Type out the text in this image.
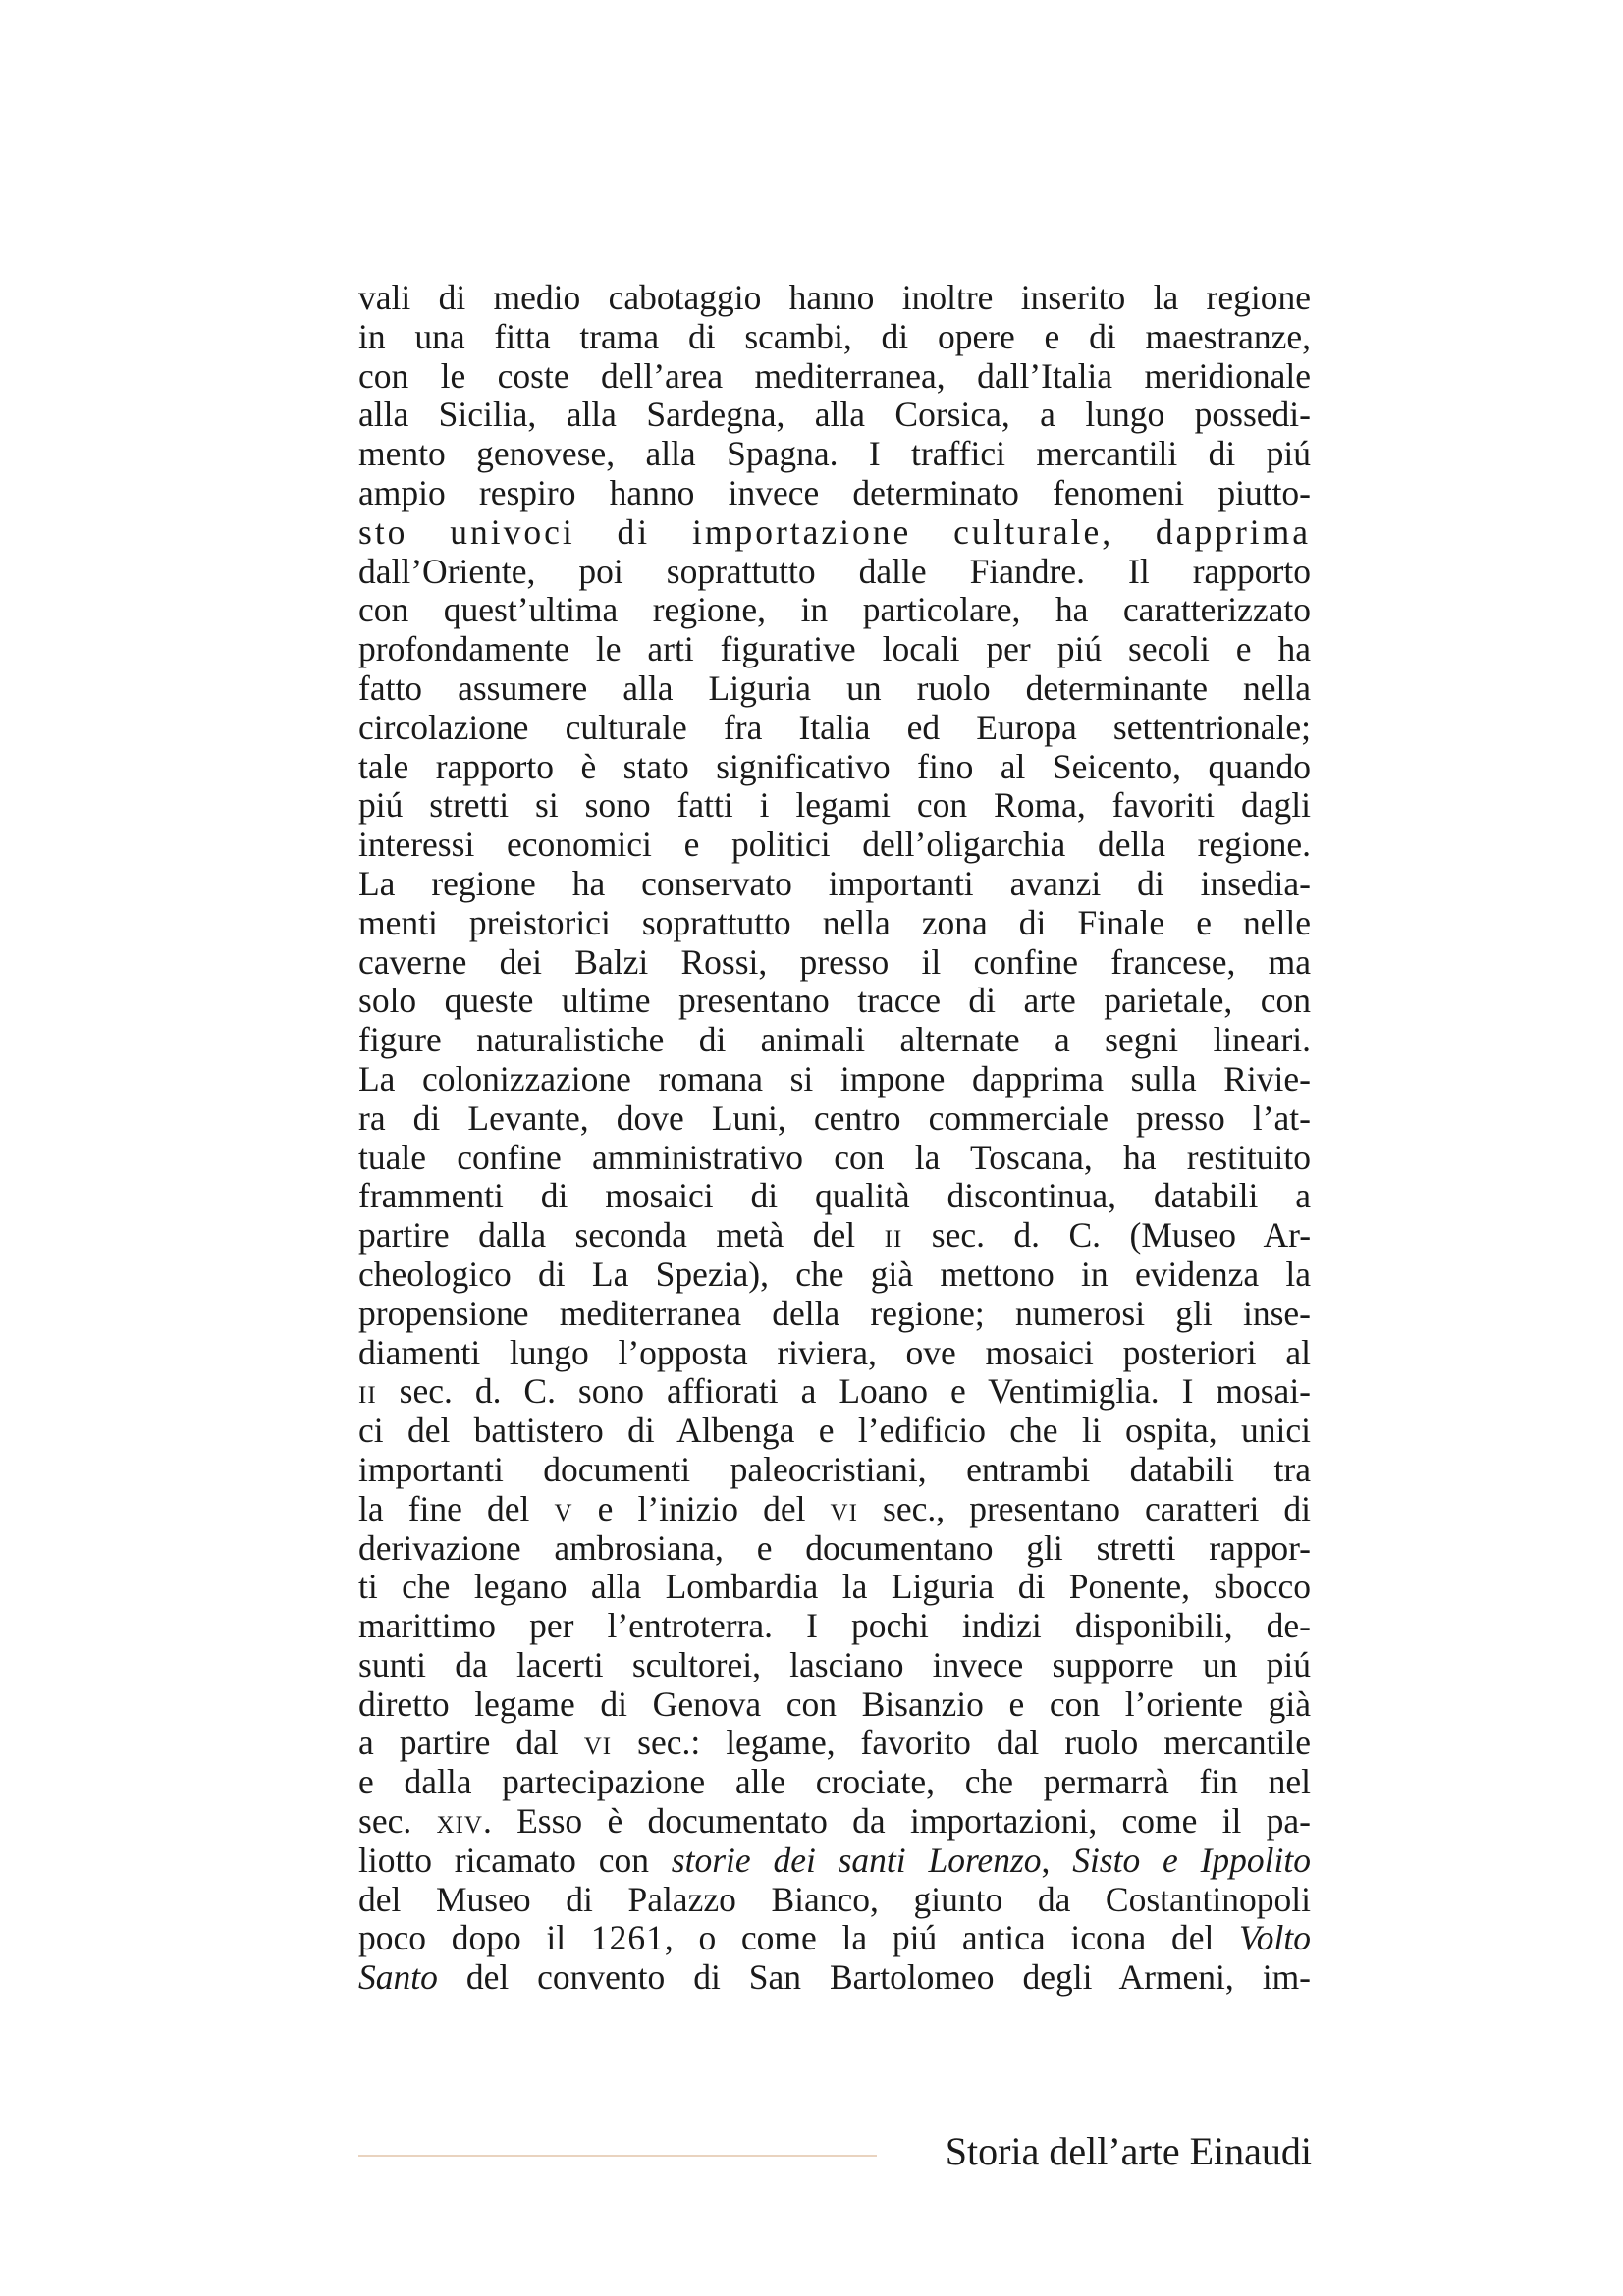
vali di medio cabotaggio hanno inoltre inserito la regione
in una fitta trama di scambi, di opere e di maestranze,
con le coste dell’area mediterranea, dall’Italia meridionale
alla Sicilia, alla Sardegna, alla Corsica, a lungo possedi-
mento genovese, alla Spagna. I traffici mercantili di piú
ampio respiro hanno invece determinato fenomeni piutto-
sto univoci di importazione culturale, dapprima
dall’Oriente, poi soprattutto dalle Fiandre. Il rapporto
con quest’ultima regione, in particolare, ha caratterizzato
profondamente le arti figurative locali per piú secoli e ha
fatto assumere alla Liguria un ruolo determinante nella
circolazione culturale fra Italia ed Europa settentrionale;
tale rapporto è stato significativo fino al Seicento, quando
piú stretti si sono fatti i legami con Roma, favoriti dagli
interessi economici e politici dell’oligarchia della regione.
La regione ha conservato importanti avanzi di insedia-
menti preistorici soprattutto nella zona di Finale e nelle
caverne dei Balzi Rossi, presso il confine francese, ma
solo queste ultime presentano tracce di arte parietale, con
figure naturalistiche di animali alternate a segni lineari.
La colonizzazione romana si impone dapprima sulla Rivie-
ra di Levante, dove Luni, centro commerciale presso l’at-
tuale confine amministrativo con la Toscana, ha restituito
frammenti di mosaici di qualità discontinua, databili a
partire dalla seconda metà del ii sec. d. C. (Museo Ar-
cheologico di La Spezia), che già mettono in evidenza la
propensione mediterranea della regione; numerosi gli inse-
diamenti lungo l’opposta riviera, ove mosaici posteriori al
ii sec. d. C. sono affiorati a Loano e Ventimiglia. I mosai-
ci del battistero di Albenga e l’edificio che li ospita, unici
importanti documenti paleocristiani, entrambi databili tra
la fine del v e l’inizio del vi sec., presentano caratteri di
derivazione ambrosiana, e documentano gli stretti rappor-
ti che legano alla Lombardia la Liguria di Ponente, sbocco
marittimo per l’entroterra. I pochi indizi disponibili, de-
sunti da lacerti scultorei, lasciano invece supporre un piú
diretto legame di Genova con Bisanzio e con l’oriente già
a partire dal vi sec.: legame, favorito dal ruolo mercantile
e dalla partecipazione alle crociate, che permarrà fin nel
sec. xiv. Esso è documentato da importazioni, come il pa-
liotto ricamato con storie dei santi Lorenzo, Sisto e Ippolito
del Museo di Palazzo Bianco, giunto da Costantinopoli
poco dopo il 1261, o come la piú antica icona del Volto
Santo del convento di San Bartolomeo degli Armeni, im-
Storia dell’arte Einaudi
